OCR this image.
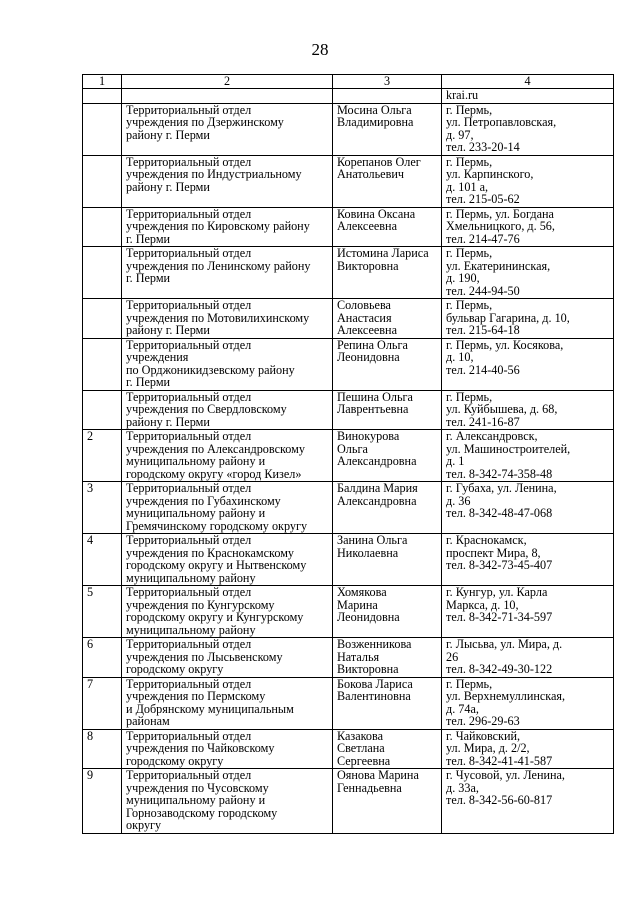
28
1	2	3	4

			krai.ru

	Территориальный отдел
учреждения по Дзержинскому
району г. Перми	Мосина Ольга
Владимировна	г. Пермь,
ул. Петропавловская,
д. 97,
тел. 233-20-14

	Территориальный отдел
учреждения по Индустриальному
району г. Перми	Корепанов Олег
Анатольевич	г. Пермь,
ул. Карпинского,
д. 101 а,
тел. 215-05-62

	Территориальный отдел
учреждения по Кировскому району
г. Перми	Ковина Оксана
Алексеевна	г. Пермь, ул. Богдана
Хмельницкого, д. 56,
тел. 214-47-76

	Территориальный отдел
учреждения по Ленинскому району
г. Перми	Истомина Лариса
Викторовна	г. Пермь,
ул. Екатерининская,
д. 190,
тел. 244-94-50

	Территориальный отдел
учреждения по Мотовилихинскому
району г. Перми	Соловьева
Анастасия
Алексеевна	г. Пермь,
бульвар Гагарина, д. 10,
тел. 215-64-18

	Территориальный отдел
учреждения
по Орджоникидзевскому району
г. Перми	Репина Ольга
Леонидовна	г. Пермь, ул. Косякова,
д. 10,
тел. 214-40-56

	Территориальный отдел
учреждения по Свердловскому
району г. Перми	Пешина Ольга
Лаврентьевна	г. Пермь,
ул. Куйбышева, д. 68,
тел. 241-16-87

2	Территориальный отдел
учреждения по Александровскому
муниципальному району и
городскому округу «город Кизел»	Винокурова
Ольга
Александровна	г. Александровск,
ул. Машиностроителей,
д. 1
тел. 8-342-74-358-48

3	Территориальный отдел
учреждения по Губахинскому
муниципальному району и
Гремячинскому городскому округу	Балдина Мария
Александровна	г. Губаха, ул. Ленина,
д. 36
тел. 8-342-48-47-068

4	Территориальный отдел
учреждения по Краснокамскому
городскому округу и Нытвенскому
муниципальному району	Занина Ольга
Николаевна	г. Краснокамск,
проспект Мира, 8,
тел. 8-342-73-45-407

5	Территориальный отдел
учреждения по Кунгурскому
городскому округу и Кунгурскому
муниципальному району	Хомякова
Марина
Леонидовна	г. Кунгур, ул. Карла
Маркса, д. 10,
тел. 8-342-71-34-597

6	Территориальный отдел
учреждения по Лысьвенскому
городскому округу	Возженникова
Наталья
Викторовна	г. Лысьва, ул. Мира, д.
26
тел. 8-342-49-30-122

7	Территориальный отдел
учреждения по Пермскому
и Добрянскому муниципальным
районам	Бокова Лариса
Валентиновна	г. Пермь,
ул. Верхнемуллинская,
д. 74а,
тел. 296-29-63

8	Территориальный отдел
учреждения по Чайковскому
городскому округу	Казакова
Светлана
Сергеевна	г. Чайковский,
ул. Мира, д. 2/2,
тел. 8-342-41-41-587

9	Территориальный отдел
учреждения по Чусовскому
муниципальному району и
Горнозаводскому городскому
округу	Оянова Марина
Геннадьевна	г. Чусовой, ул. Ленина,
д. 33а,
тел. 8-342-56-60-817
